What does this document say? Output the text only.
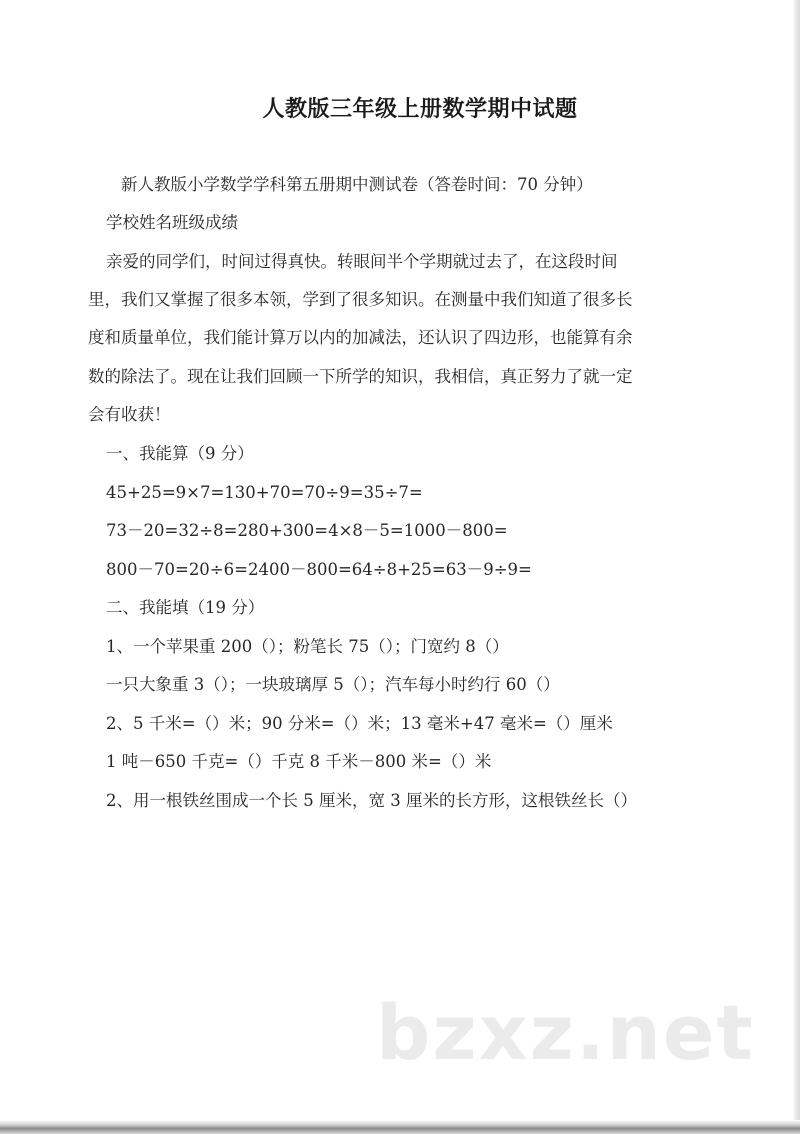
人教版三年级上册数学期中试题
新人教版小学数学学科第五册期中测试卷（答卷时间：70 分钟）
学校姓名班级成绩
亲爱的同学们，时间过得真快。转眼间半个学期就过去了，在这段时间
里，我们又掌握了很多本领，学到了很多知识。在测量中我们知道了很多长
度和质量单位，我们能计算万以内的加减法，还认识了四边形，也能算有余
数的除法了。现在让我们回顾一下所学的知识，我相信，真正努力了就一定
会有收获！
一、我能算（9 分）
45+25=9×7=130+70=70÷9=35÷7=
73－20=32÷8=280+300=4×8－5=1000－800=
800－70=20÷6=2400－800=64÷8+25=63－9÷9=
二、我能填（19 分）
1、一个苹果重 200（）；粉笔长 75（）；门宽约 8（）
一只大象重 3（）；一块玻璃厚 5（）；汽车每小时约行 60（）
2、5 千米=（）米；90 分米=（）米；13 毫米+47 毫米=（）厘米
1 吨－650 千克=（）千克 8 千米－800 米=（）米
2、用一根铁丝围成一个长 5 厘米，宽 3 厘米的长方形，这根铁丝长（）
bzxz.net
